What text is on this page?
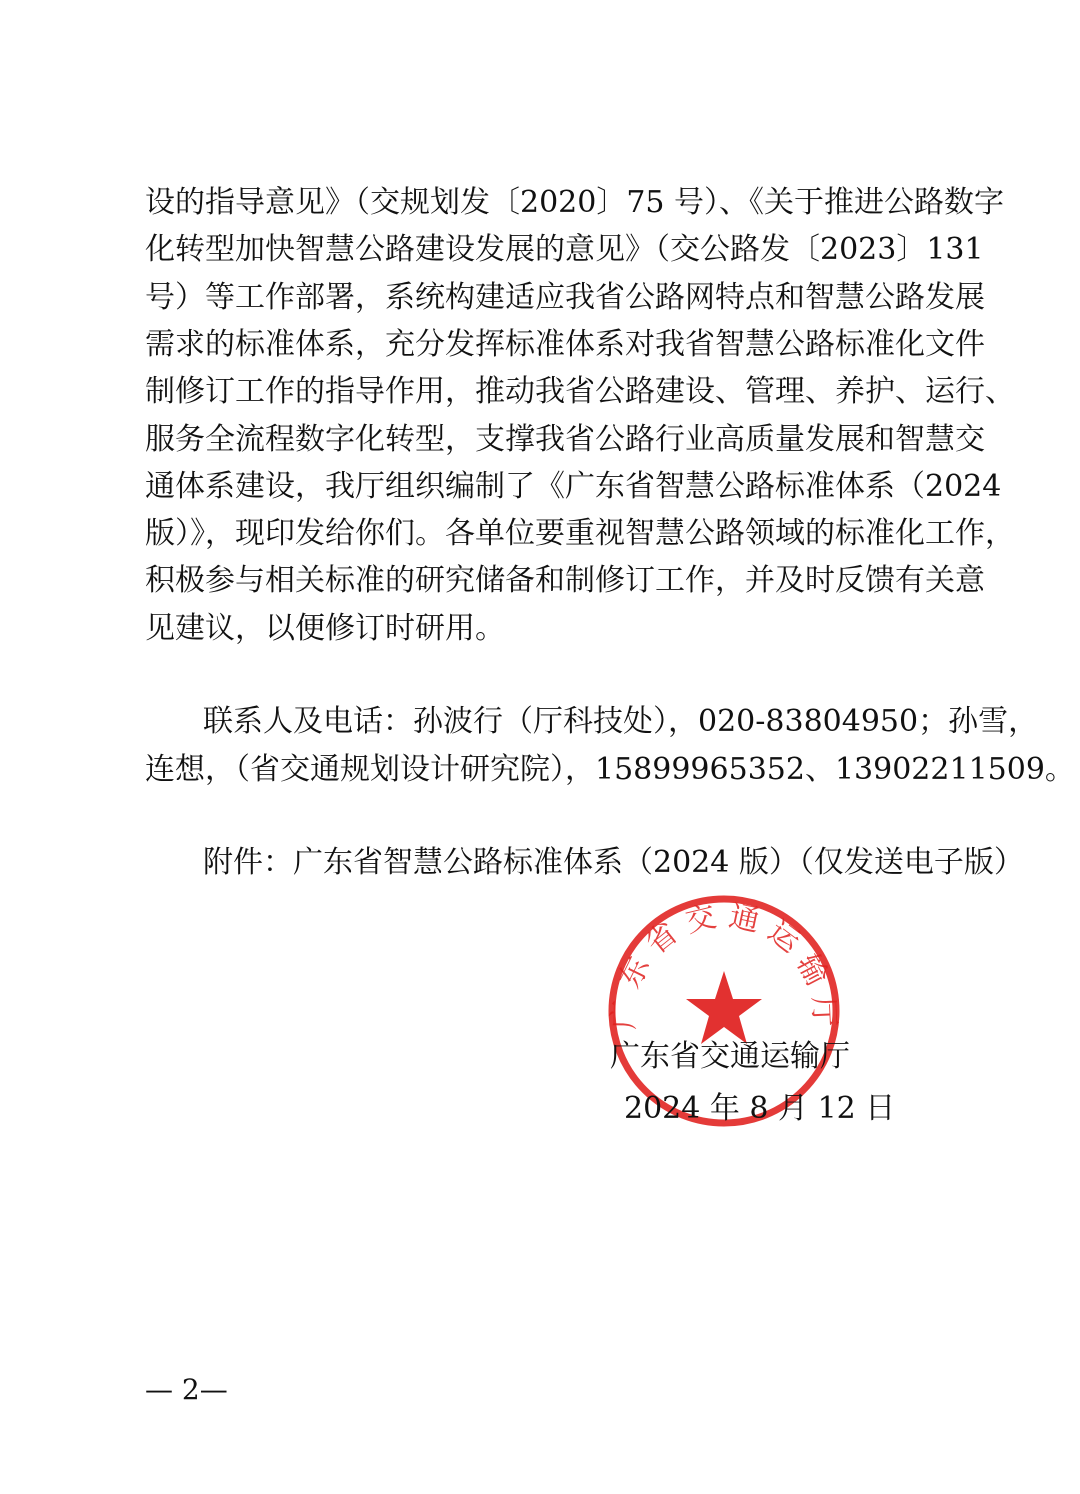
设的指导意见》（交规划发〔2020〕75 号）、《关于推进公路数字
化转型加快智慧公路建设发展的意见》（交公路发〔2023〕131
号）等工作部署，系统构建适应我省公路网特点和智慧公路发展
需求的标准体系，充分发挥标准体系对我省智慧公路标准化文件
制修订工作的指导作用，推动我省公路建设、管理、养护、运行、
服务全流程数字化转型，支撑我省公路行业高质量发展和智慧交
通体系建设，我厅组织编制了《广东省智慧公路标准体系（2024
版）》，现印发给你们。各单位要重视智慧公路领域的标准化工作，
积极参与相关标准的研究储备和制修订工作，并及时反馈有关意
见建议，以便修订时研用。
联系人及电话：孙波行（厅科技处），020-83804950；孙雪，
连想，（省交通规划设计研究院），15899965352、13902211509。
附件：广东省智慧公路标准体系（2024 版）（仅发送电子版）
广 东 省 交 通 运 输 厅
广东省交通运输厅
2024 年 8 月 12 日
— 2—
